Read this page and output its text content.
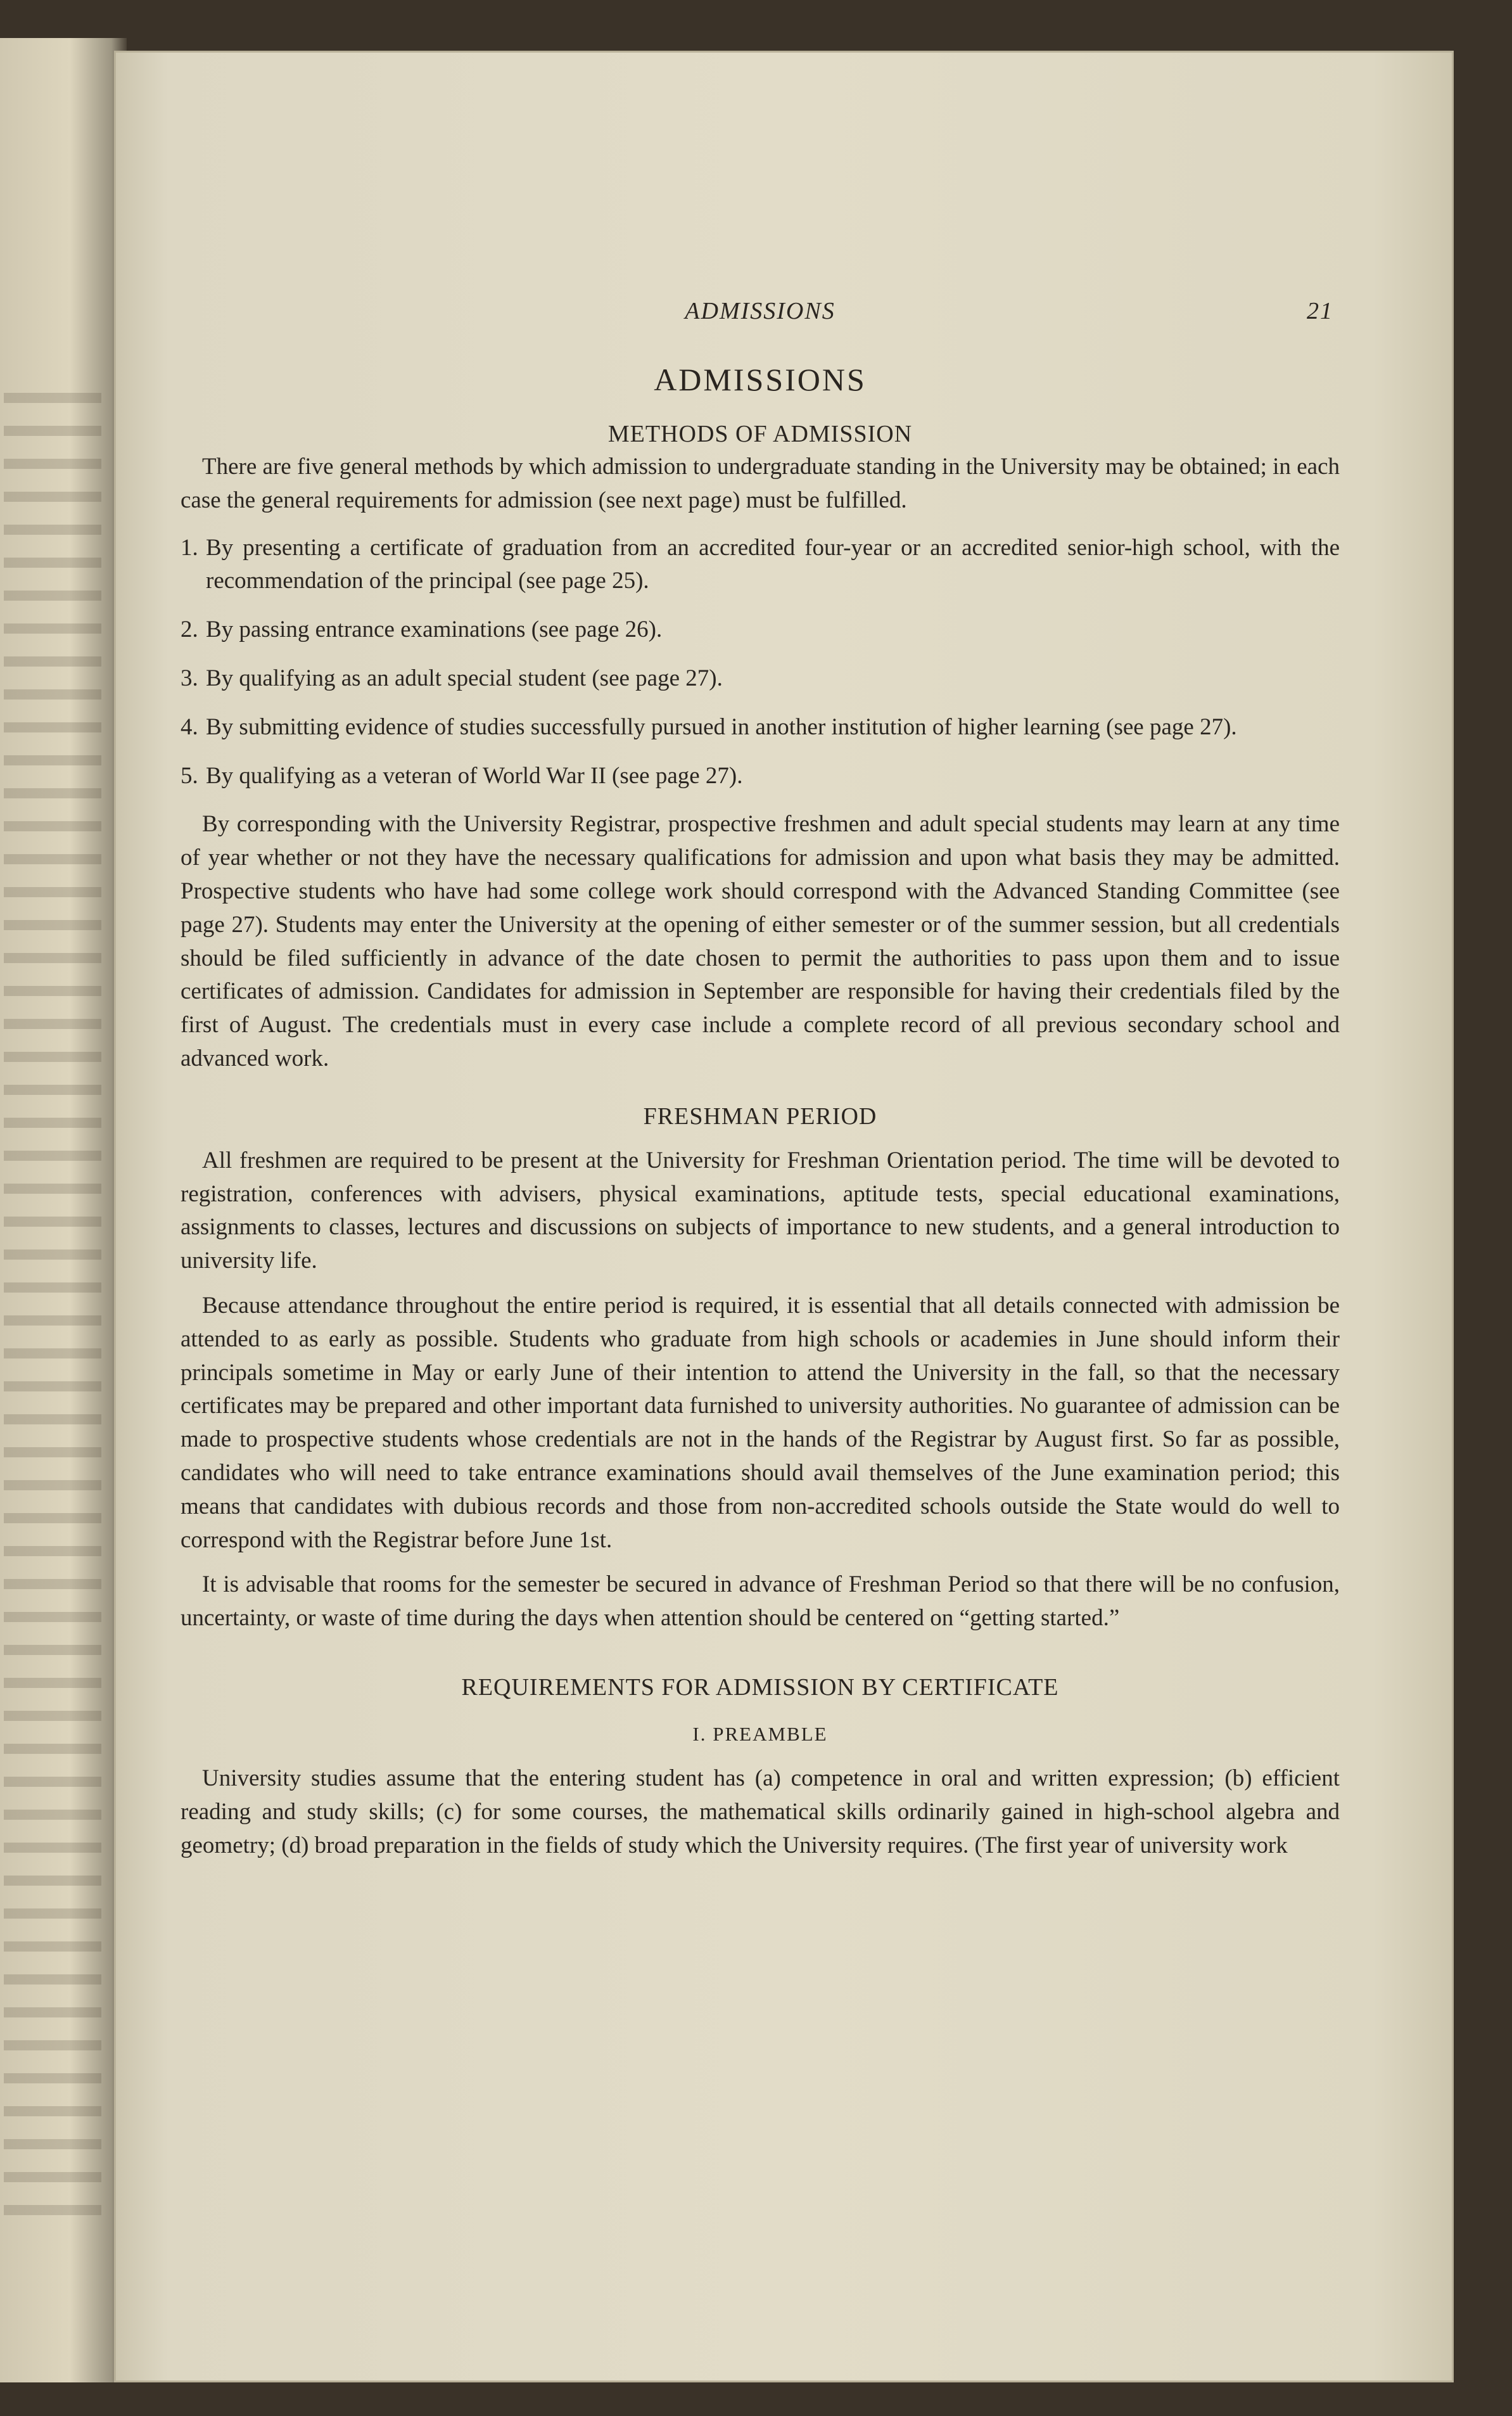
ADMISSIONS	21
ADMISSIONS
METHODS OF ADMISSION

There are five general methods by which admission to undergraduate standing in the University may be obtained; in each case the general requirements for admission (see next page) must be fulfilled.

1. By presenting a certificate of graduation from an accredited four-year or an accredited senior-high school, with the recommendation of the principal (see page 25).
2. By passing entrance examinations (see page 26).
3. By qualifying as an adult special student (see page 27).
4. By submitting evidence of studies successfully pursued in another institution of higher learning (see page 27).
5. By qualifying as a veteran of World War II (see page 27).

By corresponding with the University Registrar, prospective freshmen and adult special students may learn at any time of year whether or not they have the necessary qualifications for admission and upon what basis they may be admitted. Prospective students who have had some college work should correspond with the Advanced Standing Committee (see page 27). Students may enter the University at the opening of either semester or of the summer session, but all credentials should be filed sufficiently in advance of the date chosen to permit the authorities to pass upon them and to issue certificates of admission. Candidates for admission in September are responsible for having their credentials filed by the first of August. The credentials must in every case include a complete record of all previous secondary school and advanced work.

FRESHMAN PERIOD

All freshmen are required to be present at the University for Freshman Orientation period. The time will be devoted to registration, conferences with advisers, physical examinations, aptitude tests, special educational examinations, assignments to classes, lectures and discussions on subjects of importance to new students, and a general introduction to university life.

Because attendance throughout the entire period is required, it is essential that all details connected with admission be attended to as early as possible. Students who graduate from high schools or academies in June should inform their principals sometime in May or early June of their intention to attend the University in the fall, so that the necessary certificates may be prepared and other important data furnished to university authorities. No guarantee of admission can be made to prospective students whose credentials are not in the hands of the Registrar by August first. So far as possible, candidates who will need to take entrance examinations should avail themselves of the June examination period; this means that candidates with dubious records and those from non-accredited schools outside the State would do well to correspond with the Registrar before June 1st.

It is advisable that rooms for the semester be secured in advance of Freshman Period so that there will be no confusion, uncertainty, or waste of time during the days when attention should be centered on “getting started.”

REQUIREMENTS FOR ADMISSION BY CERTIFICATE
I. PREAMBLE

University studies assume that the entering student has (a) competence in oral and written expression; (b) efficient reading and study skills; (c) for some courses, the mathematical skills ordinarily gained in high-school algebra and geometry; (d) broad preparation in the fields of study which the University requires. (The first year of university work
